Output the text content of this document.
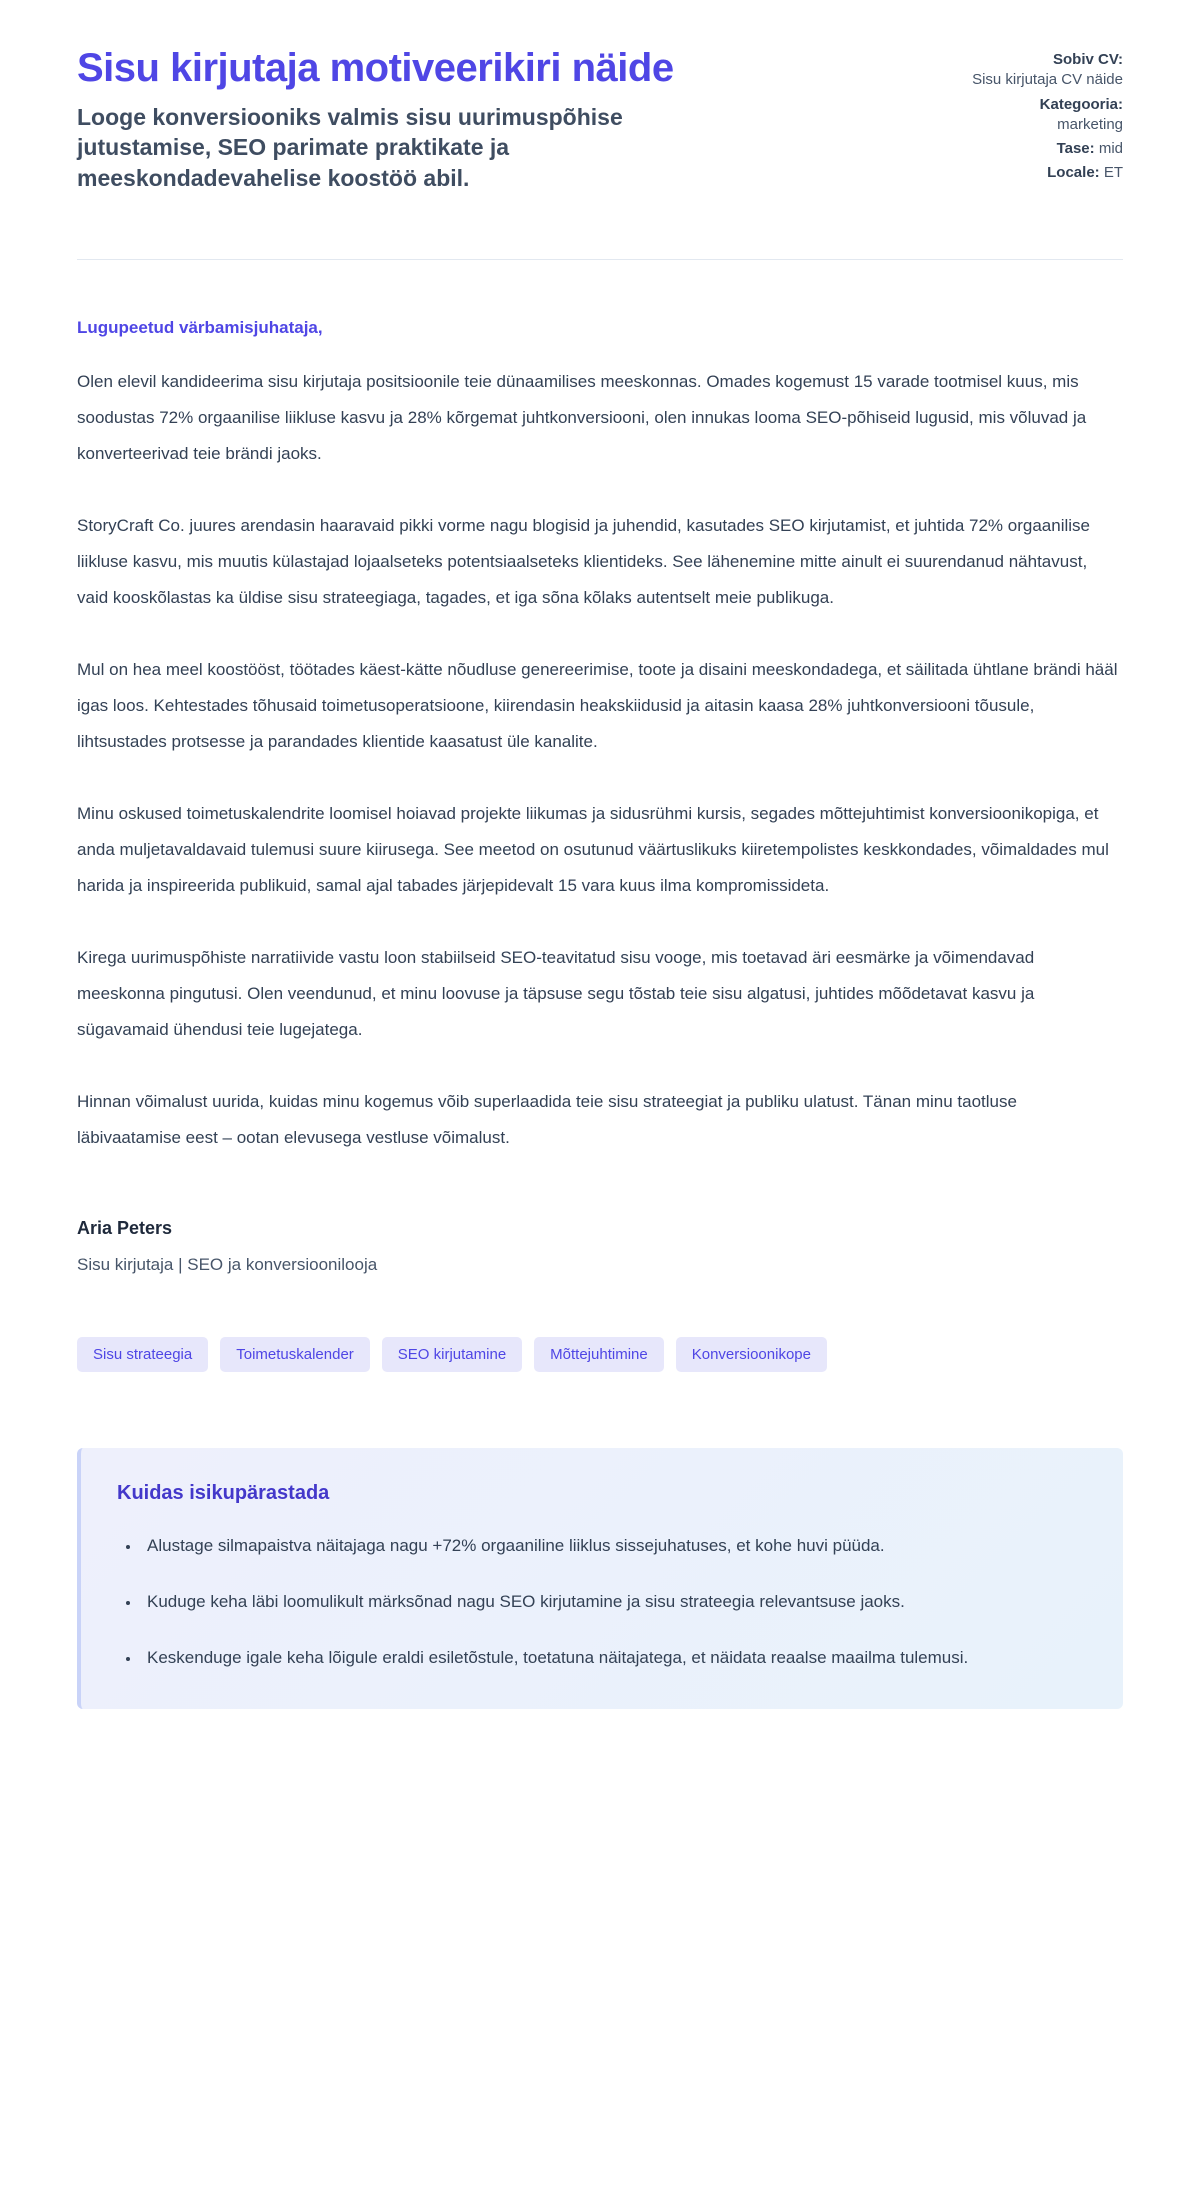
Sisu kirjutaja motiveerikiri näide

Looge konversiooniks valmis sisu uurimuspõhise jutustamise, SEO parimate praktikate ja meeskondadevahelise koostöö abil.

Sobiv CV:
Sisu kirjutaja CV näide
Kategooria:
marketing
Tase: mid
Locale: ET

Lugupeetud värbamisjuhataja,

Olen elevil kandideerima sisu kirjutaja positsioonile teie dünaamilises meeskonnas. Omades kogemust 15 varade tootmisel kuus, mis soodustas 72% orgaanilise liikluse kasvu ja 28% kõrgemat juhtkonversiooni, olen innukas looma SEO-põhiseid lugusid, mis võluvad ja konverteerivad teie brändi jaoks.

StoryCraft Co. juures arendasin haaravaid pikki vorme nagu blogisid ja juhendid, kasutades SEO kirjutamist, et juhtida 72% orgaanilise liikluse kasvu, mis muutis külastajad lojaalseteks potentsiaalseteks klientideks. See lähenemine mitte ainult ei suurendanud nähtavust, vaid kooskõlastas ka üldise sisu strateegiaga, tagades, et iga sõna kõlaks autentselt meie publikuga.

Mul on hea meel koostööst, töötades käest-kätte nõudluse genereerimise, toote ja disaini meeskondadega, et säilitada ühtlane brändi hääl igas loos. Kehtestades tõhusaid toimetusoperatsioone, kiirendasin heakskiidusid ja aitasin kaasa 28% juhtkonversiooni tõusule, lihtsustades protsesse ja parandades klientide kaasatust üle kanalite.

Minu oskused toimetuskalendrite loomisel hoiavad projekte liikumas ja sidusrühmi kursis, segades mõttejuhtimist konversioonikopiga, et anda muljetavaldavaid tulemusi suure kiirusega. See meetod on osutunud väärtuslikuks kiiretempolistes keskkondades, võimaldades mul harida ja inspireerida publikuid, samal ajal tabades järjepidevalt 15 vara kuus ilma kompromissideta.

Kirega uurimuspõhiste narratiivide vastu loon stabiilseid SEO-teavitatud sisu vooge, mis toetavad äri eesmärke ja võimendavad meeskonna pingutusi. Olen veendunud, et minu loovuse ja täpsuse segu tõstab teie sisu algatusi, juhtides mõõdetavat kasvu ja sügavamaid ühendusi teie lugejatega.

Hinnan võimalust uurida, kuidas minu kogemus võib superlaadida teie sisu strateegiat ja publiku ulatust. Tänan minu taotluse läbivaatamise eest – ootan elevusega vestluse võimalust.

Aria Peters

Sisu kirjutaja | SEO ja konversioonilooja

Sisu strateegia	Toimetuskalender	SEO kirjutamine	Mõttejuhtimine	Konversioonikope
Kuidas isikupärastada
• Alustage silmapaistva näitajaga nagu +72% orgaaniline liiklus sissejuhatuses, et kohe huvi püüda.
• Kuduge keha läbi loomulikult märksõnad nagu SEO kirjutamine ja sisu strateegia relevantsuse jaoks.
• Keskenduge igale keha lõigule eraldi esiletõstule, toetatuna näitajatega, et näidata reaalse maailma tulemusi.
